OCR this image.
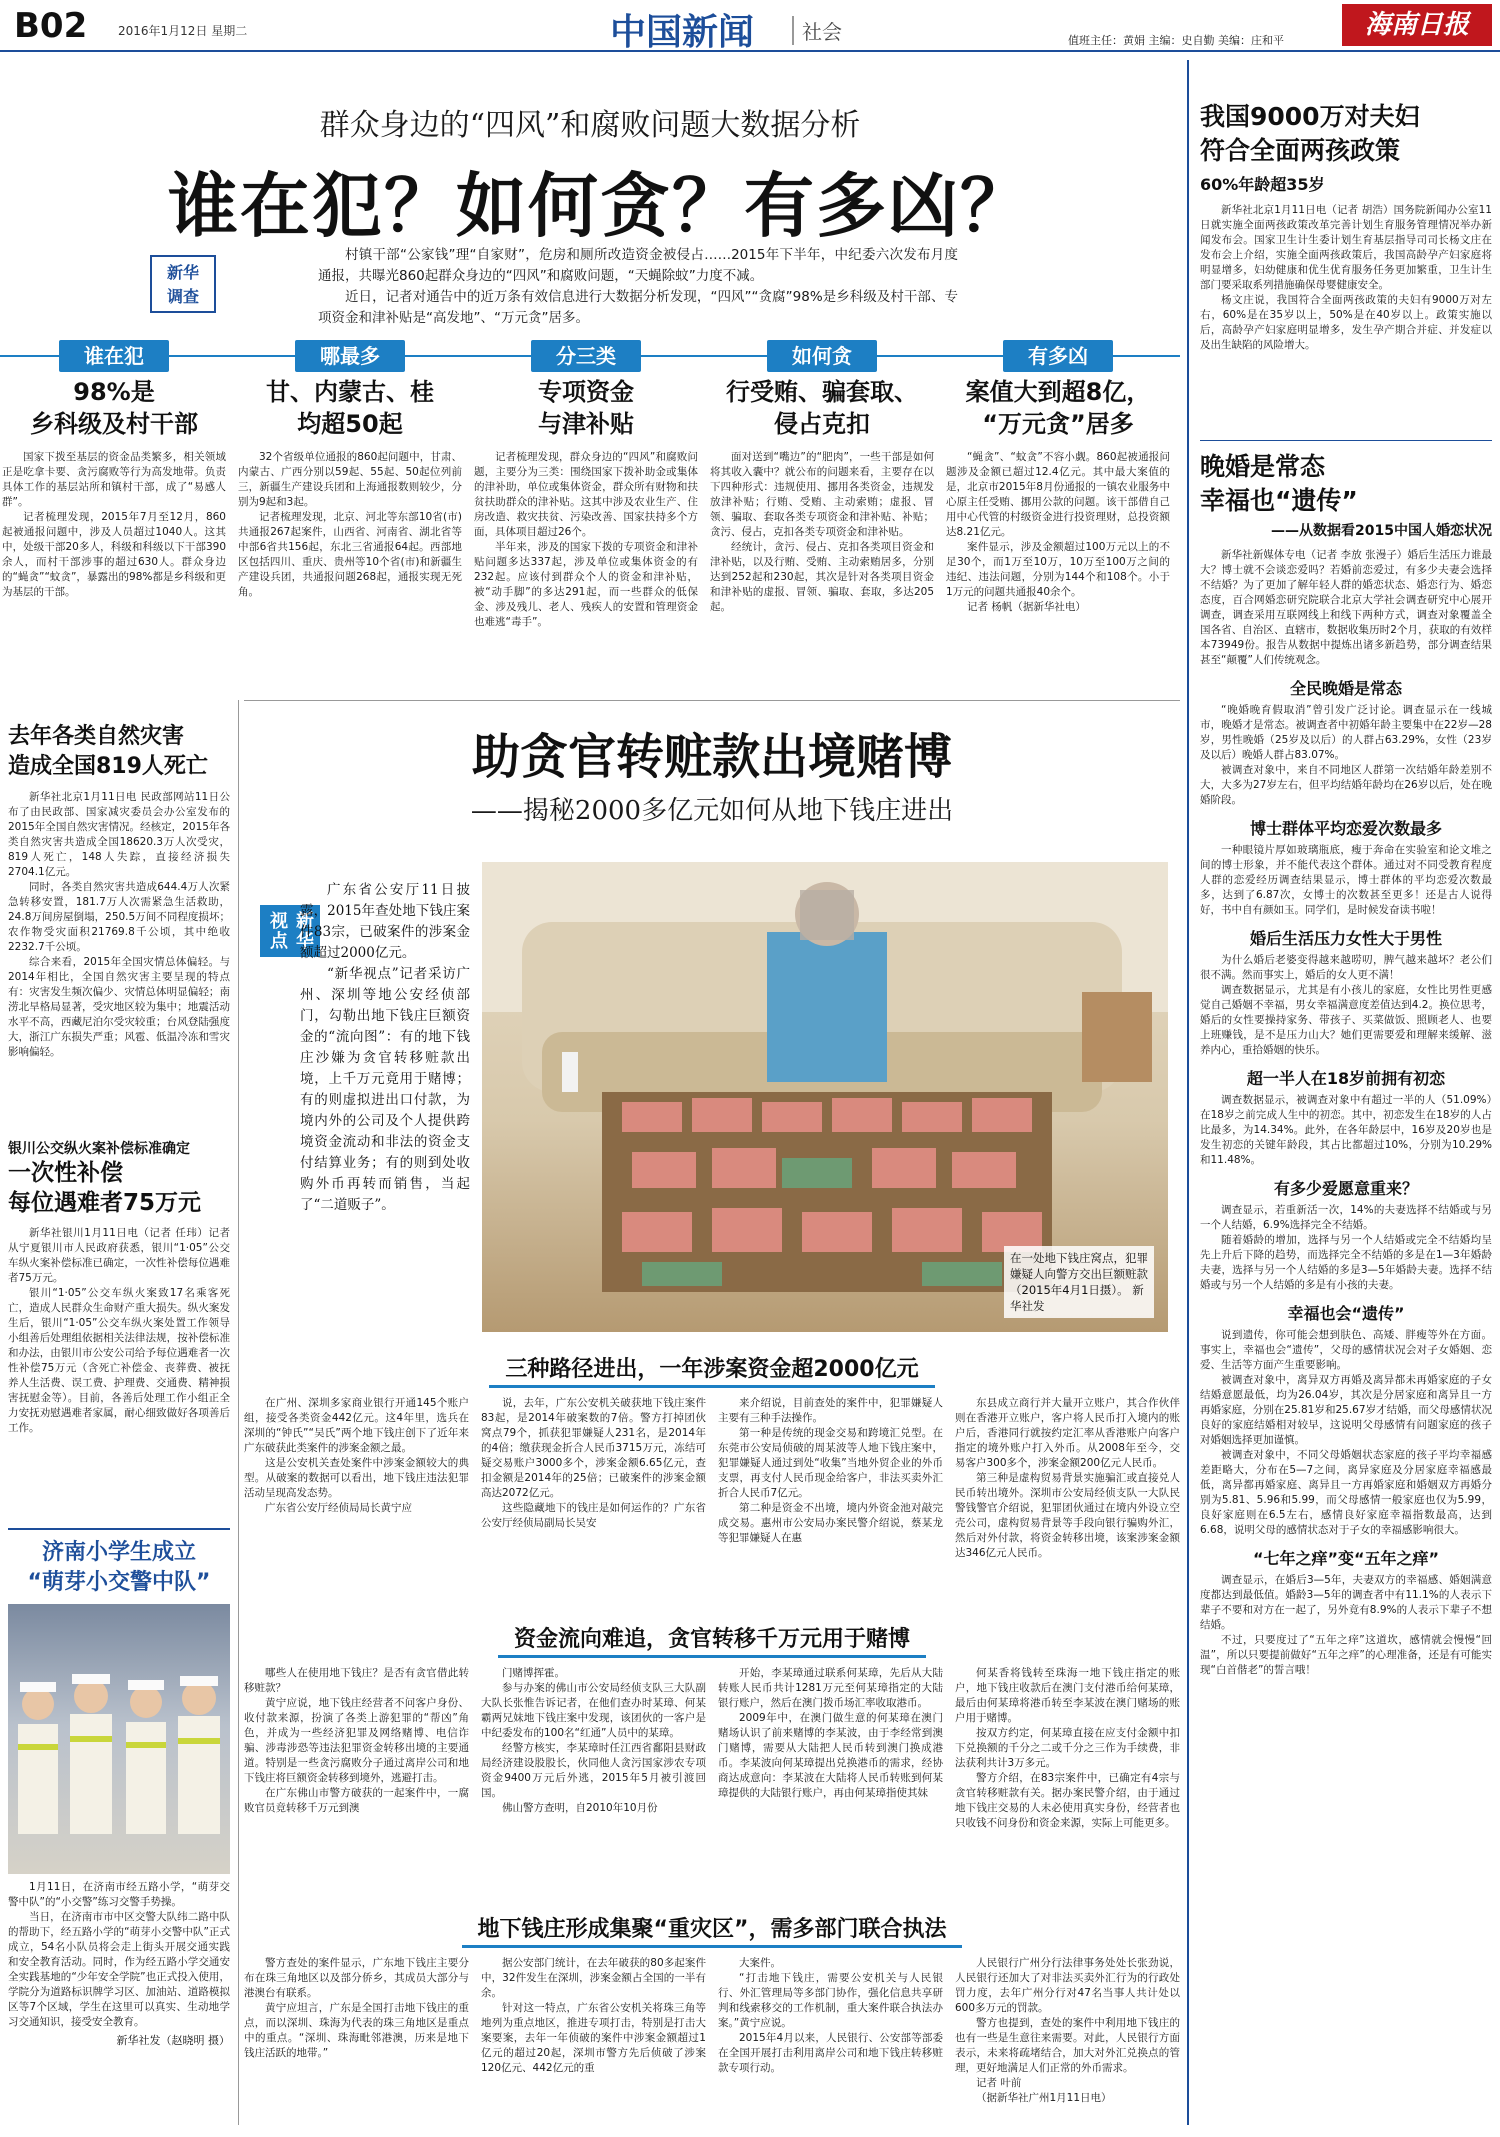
B02	2016年1月12日 星期二	中国新闻	社会	值班主任：黄娟 主编：史自勤 美编：庄和平
海南日报
群众身边的“四风”和腐败问题大数据分析
谁在犯？如何贪？有多凶？
新华
调查

村镇干部“公家钱”理“自家财”，危房和厕所改造资金被侵占……2015年下半年，中纪委六次发布月度通报，共曝光860起群众身边的“四风”和腐败问题，“天蝇除蚊”力度不减。

近日，记者对通告中的近万条有效信息进行大数据分析发现，“四风”“贪腐”98%是乡科级及村干部、专项资金和津补贴是“高发地”、“万元贪”居多。

谁在犯
98%是
乡科级及村干部

国家下拨至基层的资金品类繁多，相关领域正是吃拿卡要、贪污腐败等行为高发地带。负责具体工作的基层站所和镇村干部，成了“易感人群”。

记者梳理发现，2015年7月至12月，860起被通报问题中，涉及人员超过1040人。这其中，处级干部20多人，科级和科级以下干部390余人，而村干部涉事的超过630人。群众身边的“蝇贪”“蚊贪”，暴露出的98%都是乡科级和更为基层的干部。

哪最多
甘、内蒙古、桂
均超50起

32个省级单位通报的860起问题中，甘肃、内蒙古、广西分别以59起、55起、50起位列前三，新疆生产建设兵团和上海通报数则较少，分别为9起和3起。

记者梳理发现，北京、河北等东部10省(市)共通报267起案件，山西省、河南省、湖北省等中部6省共156起，东北三省通报64起。西部地区包括四川、重庆、贵州等10个省(市)和新疆生产建设兵团，共通报问题268起，通报实现无死角。

分三类
专项资金
与津补贴

记者梳理发现，群众身边的“四风”和腐败问题，主要分为三类：围绕国家下拨补助金或集体的津补助，单位或集体资金，群众所有财物和扶贫扶助群众的津补贴。这其中涉及农业生产、住房改造、救灾扶贫、污染改善、国家扶持多个方面，具体项目超过26个。

半年来，涉及的国家下拨的专项资金和津补贴问题多达337起，涉及单位或集体资金的有232起。应该付到群众个人的资金和津补贴，被“动手脚”的多达291起，而一些群众的低保金、涉及残儿、老人、残疾人的安置和管理资金也难逃“毒手”。

如何贪
行受贿、骗套取、
侵占克扣

面对送到“嘴边”的“肥肉”，一些干部是如何将其收入囊中？就公布的问题来看，主要存在以下四种形式：违规使用、挪用各类资金，违规发放津补贴；行贿、受贿、主动索贿；虚报、冒领、骗取、套取各类专项资金和津补贴、补贴；贪污、侵占，克扣各类专项资金和津补贴。

经统计，贪污、侵占、克扣各类项目资金和津补贴，以及行贿、受贿、主动索贿居多，分别达到252起和230起，其次是针对各类项目资金和津补贴的虚报、冒领、骗取、套取，多达205起。

有多凶
案值大到超8亿，
“万元贪”居多

“蝇贪”、“蚊贪”不容小觑。860起被通报问题涉及金额已超过12.4亿元。其中最大案值的是，北京市2015年8月份通报的一镇农业服务中心原主任受贿、挪用公款的问题。该干部借自己用中心代管的村级资金进行投资理财，总投资额达8.21亿元。

案件显示，涉及金额超过100万元以上的不足30个，而1万至10万，10万至100万之间的违纪、违法问题，分别为144个和108个。小于1万元的问题共通报40余个。

记者 杨帆（据新华社电）

去年各类自然灾害
造成全国819人死亡

新华社北京1月11日电 民政部网站11日公布了由民政部、国家减灾委员会办公室发布的2015年全国自然灾害情况。经核定，2015年各类自然灾害共造成全国18620.3万人次受灾，819人死亡，148人失踪，直接经济损失2704.1亿元。

同时，各类自然灾害共造成644.4万人次紧急转移安置，181.7万人次需紧急生活救助，24.8万间房屋倒塌，250.5万间不同程度损坏；农作物受灾面积21769.8千公顷，其中绝收2232.7千公顷。

综合来看，2015年全国灾情总体偏轻。与2014年相比，全国自然灾害主要呈现的特点有：灾害发生频次偏少、灾情总体明显偏轻；南涝北旱格局显著，受灾地区较为集中；地震活动水平不高，西藏尼泊尔受灾较重；台风登陆强度大，浙江广东损失严重；风雹、低温冷冻和雪灾影响偏轻。

银川公交纵火案补偿标准确定
一次性补偿
每位遇难者75万元

新华社银川1月11日电（记者 任玮）记者从宁夏银川市人民政府获悉，银川“1·05”公交车纵火案补偿标准已确定，一次性补偿每位遇难者75万元。

银川“1·05”公交车纵火案致17名乘客死亡，造成人民群众生命财产重大损失。纵火案发生后，银川“1·05”公交车纵火案处置工作领导小组善后处理组依据相关法律法规，按补偿标准和办法，由银川市公安公司给予每位遇难者一次性补偿75万元（含死亡补偿金、丧葬费、被抚养人生活费、误工费、护理费、交通费、精神损害抚慰金等）。目前，各善后处理工作小组正全力安抚劝慰遇难者家属，耐心细致做好各项善后工作。

济南小学生成立
“萌芽小交警中队”

1月11日，在济南市经五路小学，“萌芽交警中队”的“小交警”练习交警手势操。

当日，在济南市市中区交警大队纬二路中队的帮助下，经五路小学的“萌芽小交警中队”正式成立，54名小队员将会走上街头开展交通实践和安全教育活动。同时，作为经五路小学交通安全实践基地的“少年安全学院”也正式投入使用，学院分为道路标识牌学习区、加油站、道路模拟区等7个区域，学生在这里可以真实、生动地学习交通知识，接受安全教育。

新华社发（赵晓明 摄）
助贪官转赃款出境赌博
——揭秘2000多亿元如何从地下钱庄进出
新华
视点

广东省公安厅11日披露，2015年查处地下钱庄案件83宗，已破案件的涉案金额超过2000亿元。

“新华视点”记者采访广州、深圳等地公安经侦部门，勾勒出地下钱庄巨额资金的“流向图”：有的地下钱庄沙嫌为贪官转移赃款出境，上千万元竟用于赌博；有的则虚拟进出口付款，为境内外的公司及个人提供跨境资金流动和非法的资金支付结算业务；有的则到处收购外币再转而销售，当起了“二道贩子”。

在一处地下钱庄窝点，犯罪嫌疑人向警方交出巨额赃款（2015年4月1日摄）。 新华社发
三种路径进出，一年涉案资金超2000亿元

在广州、深圳多家商业银行开通145个账户组，接受各类资金442亿元。这4年里，选兵在深圳的“钟氏”“吴氏”两个地下钱庄创下了近年来广东破获此类案件的涉案金额之最。

这是公安机关查处案件中涉案金额较大的典型。从破案的数据可以看出，地下钱庄违法犯罪活动呈现高发态势。

广东省公安厅经侦局局长黄宁应

说，去年，广东公安机关破获地下钱庄案件83起，是2014年破案数的7倍。警方打掉团伙窝点79个，抓获犯罪嫌疑人231名，是2014年的4倍；缴获现金折合人民币3715万元，冻结可疑交易账户3000多个，涉案金额6.65亿元，查扣金额是2014年的25倍；已破案件的涉案金额高达2072亿元。

这些隐藏地下的钱庄是如何运作的？广东省公安厅经侦局副局长吴安

来介绍说，目前查处的案件中，犯罪嫌疑人主要有三种手法操作。

第一种是传统的现金交易和跨境汇兑型。在东莞市公安局侦破的周某波等人地下钱庄案中，犯罪嫌疑人通过到处“收集”当地外贸企业的外币支票，再支付人民币现金给客户，非法买卖外汇折合人民币7亿元。

第二种是资金不出境，境内外资金池对敲完成交易。惠州市公安局办案民警介绍说，蔡某龙等犯罪嫌疑人在惠

东县成立商行并大量开立账户，其合作伙伴则在香港开立账户，客户将人民币打入境内的账户后，香港同行就按约定汇率从香港账户向客户指定的境外账户打入外币。从2008年至今，交易客户300多个，涉案金额200亿元人民币。

第三种是虚构贸易背景实施骗汇或直接兑人民币转出境外。深圳市公安局经侦支队一大队民警钱警官介绍说，犯罪团伙通过在境内外设立空壳公司，虚构贸易背景等手段向银行骗购外汇，然后对外付款，将资金转移出境，该案涉案金额达346亿元人民币。

资金流向难追，贪官转移千万元用于赌博

哪些人在使用地下钱庄？是否有贪官借此转移赃款？

黄宁应说，地下钱庄经营者不问客户身份、收付款来源，扮演了各类上游犯罪的“帮凶”角色，并成为一些经济犯罪及网络赌博、电信诈骗、涉毒涉恐等违法犯罪资金转移出境的主要通道。特别是一些贪污腐败分子通过离岸公司和地下钱庄将巨额资金转移到境外，逃避打击。

在广东佛山市警方破获的一起案件中，一腐败官员竟转移千万元到澳

门赌博挥霍。

参与办案的佛山市公安局经侦支队三大队副大队长张惟告诉记者，在他们查办时某璋、何某霸两兄妹地下钱庄案中发现，该团伙的一客户是中纪委发布的100名“红通”人员中的某璋。

经警方核实，李某璋时任江西省鄱阳县财政局经济建设股股长，伙同他人贪污国家涉农专项资金9400万元后外逃，2015年5月被引渡回国。

佛山警方查明，自2010年10月份

开始，李某璋通过联系何某璋，先后从大陆转账人民币共计1281万元至何某璋指定的大陆银行账户，然后在澳门拨币场汇率收取港币。

2009年中，在澳门做生意的何某璋在澳门赌场认识了前来赌博的李某波，由于李经常到澳门赌博，需要从大陆把人民币转到澳门换成港币。李某波向何某璋提出兑换港币的需求，经协商达成意向：李某波在大陆将人民币转账到何某璋提供的大陆银行账户，再由何某璋指使其妹

何某香将钱转至珠海一地下钱庄指定的账户，地下钱庄收款后在澳门支付港币给何某璋，最后由何某璋将港币转至李某波在澳门赌场的账户用于赌博。

按双方约定，何某璋直接在应支付金额中扣下兑换额的千分之二或千分之三作为手续费，非法获利共计3万多元。

警方介绍，在83宗案件中，已确定有4宗与贪官转移赃款有关。据办案民警介绍，由于通过地下钱庄交易的人未必使用真实身份，经营者也只收钱不问身份和资金来源，实际上可能更多。

地下钱庄形成集聚“重灾区”，需多部门联合执法

警方查处的案件显示，广东地下钱庄主要分布在珠三角地区以及部分侨乡，其成员大部分与港澳台有联系。

黄宁应坦言，广东是全国打击地下钱庄的重点，而以深圳、珠海为代表的珠三角地区是重点中的重点。“深圳、珠海毗邻港澳，历来是地下钱庄活跃的地带。”

据公安部门统计，在去年破获的80多起案件中，32件发生在深圳，涉案金额占全国的一半有余。

针对这一特点，广东省公安机关将珠三角等地列为重点地区，推进专项打击，特别是打击大案要案，去年一年侦破的案件中涉案金额超过1亿元的超过20起，深圳市警方先后侦破了涉案120亿元、442亿元的重

大案件。

“打击地下钱庄，需要公安机关与人民银行、外汇管理局等多部门协作，强化信息共享研判和线索移交的工作机制，重大案件联合执法办案。”黄宁应说。

2015年4月以来，人民银行、公安部等部委在全国开展打击利用离岸公司和地下钱庄转移赃款专项行动。

人民银行广州分行法律事务处处长张劲说，人民银行还加大了对非法买卖外汇行为的行政处罚力度，去年广州分行对47名当事人共计处以600多万元的罚款。

警方也提到，查处的案件中利用地下钱庄的也有一些是生意往来需要。对此，人民银行方面表示，未来将疏堵结合，加大对外汇兑换点的管理，更好地满足人们正常的外币需求。

记者 叶前

（据新华社广州1月11日电）

我国9000万对夫妇
符合全面两孩政策
60%年龄超35岁

新华社北京1月11日电（记者 胡浩）国务院新闻办公室11日就实施全面两孩政策改革完善计划生育服务管理情况举办新闻发布会。国家卫生计生委计划生育基层指导司司长杨文庄在发布会上介绍，实施全面两孩政策后，我国高龄孕产妇家庭将明显增多，妇幼健康和优生优育服务任务更加繁重，卫生计生部门要采取系列措施确保母婴健康安全。

杨文庄说，我国符合全面两孩政策的夫妇有9000万对左右，60%是在35岁以上，50%是在40岁以上。政策实施以后，高龄孕产妇家庭明显增多，发生孕产期合并症、并发症以及出生缺陷的风险增大。

晚婚是常态
幸福也“遗传”
——从数据看2015中国人婚恋状况

新华社新媒体专电（记者 李放 张漫子）婚后生活压力谁最大？博士就不会谈恋爱吗？若婚前恋爱过，有多少夫妻会选择不结婚？为了更加了解年轻人群的婚恋状态、婚恋行为、婚恋态度，百合网婚恋研究院联合北京大学社会调查研究中心展开调查，调查采用互联网线上和线下两种方式，调查对象覆盖全国各省、自治区、直辖市，数据收集历时2个月，获取的有效样本73949份。报告从数据中提炼出诸多新趋势，部分调查结果甚至“颠覆”人们传统观念。

全民晚婚是常态

“晚婚晚育假取消”曾引发广泛讨论。调查显示在一线城市，晚婚才是常态。被调查者中初婚年龄主要集中在22岁—28岁，男性晚婚（25岁及以后）的人群占63.29%，女性（23岁及以后）晚婚人群占83.07%。

被调查对象中，来自不同地区人群第一次结婚年龄差别不大，大多为27岁左右，但平均结婚年龄均在26岁以后，处在晚婚阶段。

博士群体平均恋爱次数最多

一种眼镜片厚如玻璃瓶底，瘦于奔命在实验室和论文堆之间的博士形象，并不能代表这个群体。通过对不同受教育程度人群的恋爱经历调查结果显示，博士群体的平均恋爱次数最多，达到了6.87次，女博士的次数甚至更多！还是古人说得好，书中自有颜如玉。同学们，是时候发奋读书啦！

婚后生活压力女性大于男性

为什么婚后老婆变得越来越唠叨，脾气越来越坏？老公们很不满。然而事实上，婚后的女人更不满！

调查数据显示，尤其是有小孩儿的家庭，女性比男性更感觉自己婚姻不幸福，男女幸福满意度差值达到4.2。换位思考，婚后的女性要操持家务、带孩子、买菜做饭、照顾老人、也要上班赚钱，是不是压力山大？她们更需要爱和理解来缓解、滋养内心，重拾婚姻的快乐。

超一半人在18岁前拥有初恋

调查数据显示，被调查对象中有超过一半的人（51.09%）在18岁之前完成人生中的初恋。其中，初恋发生在18岁的人占比最多，为14.34%。此外，在各年龄层中，16岁及20岁也是发生初恋的关键年龄段，其占比都超过10%，分别为10.29%和11.48%。

有多少爱愿意重来？

调查显示，若重新活一次，14%的夫妻选择不结婚或与另一个人结婚，6.9%选择完全不结婚。

随着婚龄的增加，选择与另一个人结婚或完全不结婚均呈先上升后下降的趋势，而选择完全不结婚的多是在1—3年婚龄夫妻，选择与另一个人结婚的多是3—5年婚龄夫妻。选择不结婚或与另一个人结婚的多是有小孩的夫妻。

幸福也会“遗传”

说到遗传，你可能会想到肤色、高矮、胖瘦等外在方面。事实上，幸福也会“遗传”，父母的感情状况会对子女婚姻、恋爱、生活等方面产生重要影响。

被调查对象中，离异双方再婚及离异都未再婚家庭的子女结婚意愿最低，均为26.04岁，其次是分居家庭和离异且一方再婚家庭，分别在25.81岁和25.67岁才结婚，而父母感情状况良好的家庭结婚相对较早，这说明父母感情有问题家庭的孩子对婚姻选择更加谨慎。

被调查对象中，不同父母婚姻状态家庭的孩子平均幸福感差距略大，分布在5—7之间，离异家庭及分居家庭幸福感最低，离异都再婚家庭、离异且一方再婚家庭和婚姻双方再婚分别为5.81、5.96和5.99，而父母感情一般家庭也仅为5.99，良好家庭则在6.5左右，感情良好家庭幸福指数最高，达到6.68，说明父母的感情状态对于子女的幸福感影响很大。

“七年之痒”变“五年之痒”

调查显示，在婚后3—5年，夫妻双方的幸福感、婚姻满意度都达到最低值。婚龄3—5年的调查者中有11.1%的人表示下辈子不要和对方在一起了，另外竟有8.9%的人表示下辈子不想结婚。

不过，只要度过了“五年之痒”这道坎，感情就会慢慢“回温”，所以只要提前做好“五年之痒”的心理准备，还是有可能实现“白首偕老”的誓言哦！
